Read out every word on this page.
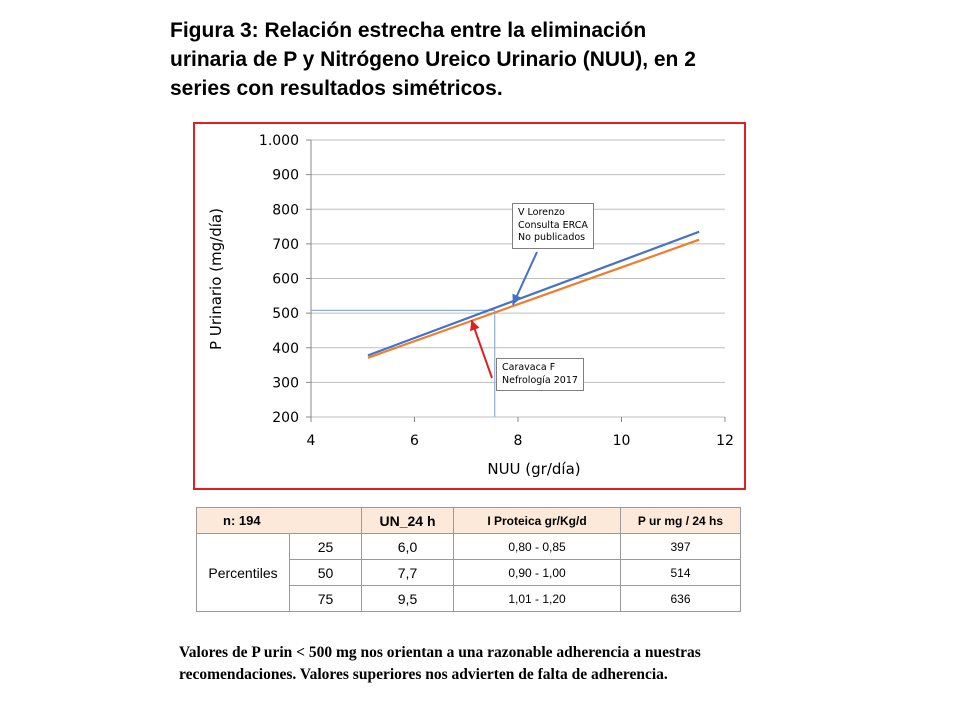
Figura 3: Relación estrecha entre la eliminación
urinaria de P y Nitrógeno Ureico Urinario (NUU), en 2
series con resultados simétricos.
200
300
400
500
600
700
800
900
1.000
4	6	8	10	12
NUU (gr/día)
P Urinario (mg/día)	V Lorenzo
Consulta ERCA
No publicados
Caravaca F
Nefrología 2017
n: 194		UN_24 h	I Proteica gr/Kg/d	P ur mg / 24 hs
Percentiles	25	6,0	0,80 - 0,85	397
	50	7,7	0,90 - 1,00	514
	75	9,5	1,01 - 1,20	636
Valores de P urin < 500 mg nos orientan a una razonable adherencia a nuestras
recomendaciones. Valores superiores nos advierten de falta de adherencia.
